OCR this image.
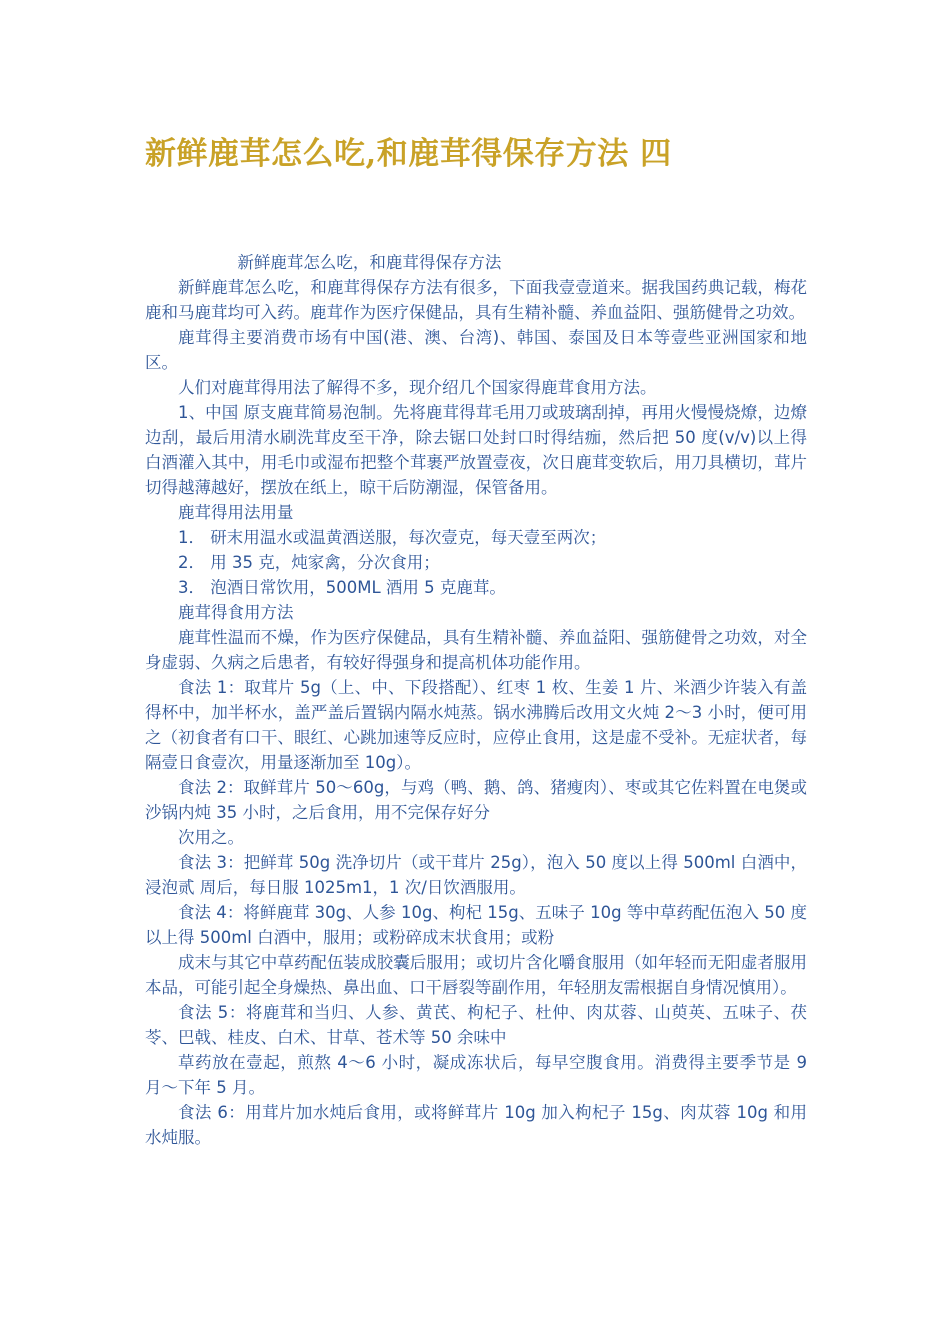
新鲜鹿茸怎么吃,和鹿茸得保存方法 四

新鲜鹿茸怎么吃，和鹿茸得保存方法

新鲜鹿茸怎么吃，和鹿茸得保存方法有很多，下面我壹壹道来。据我国药典记载，梅花鹿和马鹿茸均可入药。鹿茸作为医疗保健品，具有生精补髓、养血益阳、强筋健骨之功效。

鹿茸得主要消费市场有中国(港、澳、台湾)、韩国、泰国及日本等壹些亚洲国家和地区。

人们对鹿茸得用法了解得不多，现介绍几个国家得鹿茸食用方法。

1、中国 原支鹿茸简易泡制。先将鹿茸得茸毛用刀或玻璃刮掉，再用火慢慢烧燎，边燎边刮，最后用清水刷洗茸皮至干净，除去锯口处封口时得结痂，然后把 50 度(v/v)以上得白酒灌入其中，用毛巾或湿布把整个茸裹严放置壹夜，次日鹿茸变软后，用刀具横切，茸片切得越薄越好，摆放在纸上，晾干后防潮湿，保管备用。

鹿茸得用法用量

1． 研末用温水或温黄酒送服，每次壹克，每天壹至两次；

2． 用 35 克，炖家禽，分次食用；

3． 泡酒日常饮用，500ML 酒用 5 克鹿茸。

鹿茸得食用方法

鹿茸性温而不燥，作为医疗保健品，具有生精补髓、养血益阳、强筋健骨之功效，对全身虚弱、久病之后患者，有较好得强身和提高机体功能作用。

食法 1：取茸片 5g（上、中、下段搭配）、红枣 1 枚、生姜 1 片、米酒少许装入有盖得杯中，加半杯水，盖严盖后置锅内隔水炖蒸。锅水沸腾后改用文火炖 2～3 小时，便可用之（初食者有口干、眼红、心跳加速等反应时，应停止食用，这是虚不受补。无症状者，每隔壹日食壹次，用量逐渐加至 10g）。

食法 2：取鲜茸片 50～60g，与鸡（鸭、鹅、鸽、猪瘦肉）、枣或其它佐料置在电煲或沙锅内炖 35 小时，之后食用，用不完保存好分

次用之。

食法 3：把鲜茸 50g 洗净切片（或干茸片 25g），泡入 50 度以上得 500ml 白酒中，浸泡贰 周后，每日服 1025m1，1 次/日饮酒服用。

食法 4：将鲜鹿茸 30g、人参 10g、枸杞 15g、五味子 10g 等中草药配伍泡入 50 度以上得 500ml 白酒中，服用；或粉碎成末状食用；或粉

成末与其它中草药配伍装成胶囊后服用；或切片含化嚼食服用（如年轻而无阳虚者服用本品，可能引起全身燥热、鼻出血、口干唇裂等副作用，年轻朋友需根据自身情况慎用）。

食法 5：将鹿茸和当归、人参、黄芪、枸杞子、杜仲、肉苁蓉、山萸英、五味子、茯苓、巴戟、桂皮、白术、甘草、苍术等 50 余味中

草药放在壹起，煎熬 4～6 小时，凝成冻状后，每早空腹食用。消费得主要季节是 9 月～下年 5 月。

食法 6：用茸片加水炖后食用，或将鲜茸片 10g 加入枸杞子 15g、肉苁蓉 10g 和用水炖服。
